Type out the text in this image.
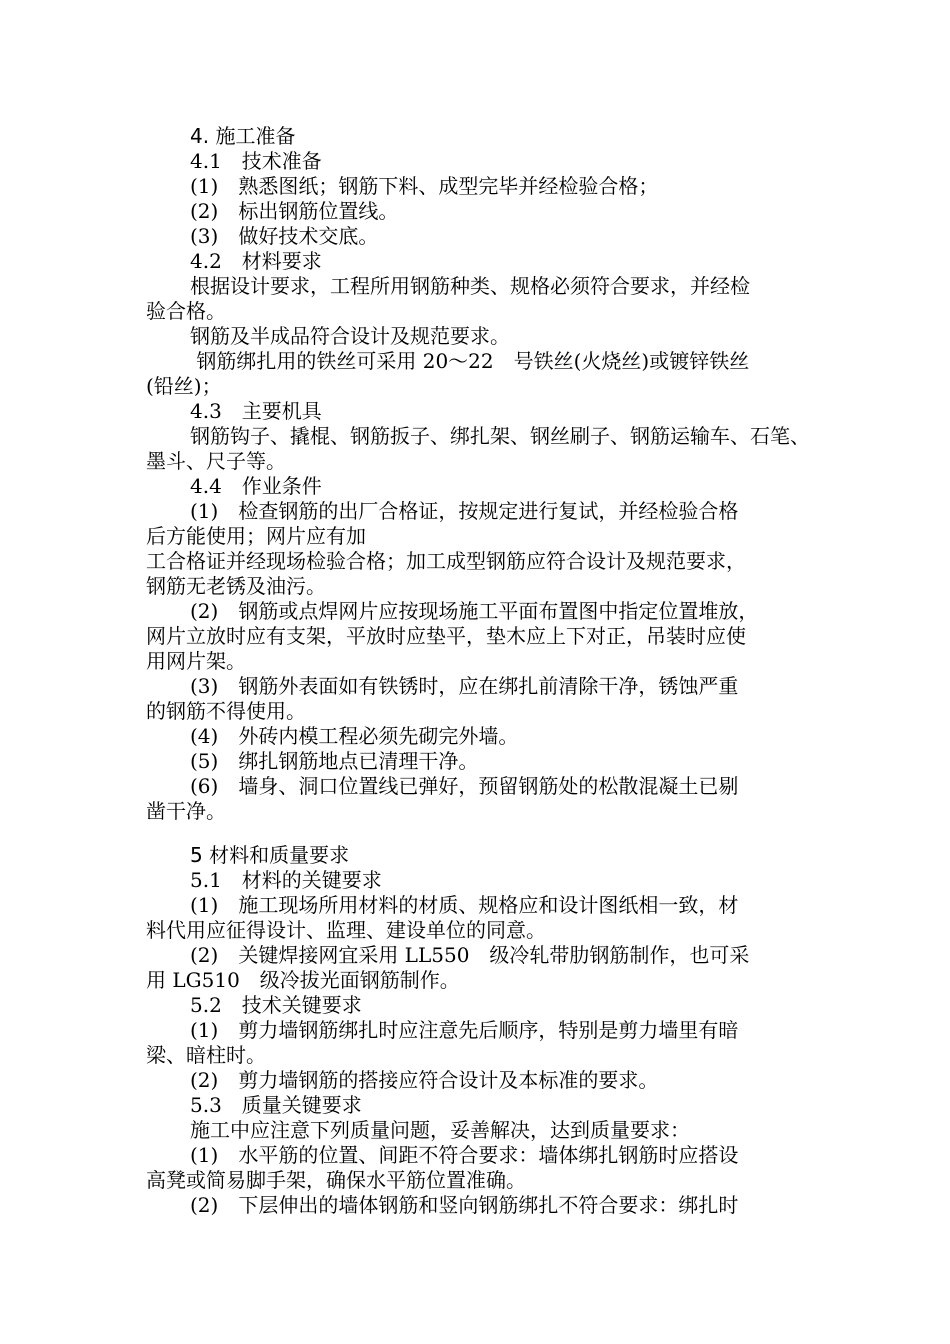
4. 施工准备
4.1　技术准备
(1)　熟悉图纸；钢筋下料、成型完毕并经检验合格；
(2)　标出钢筋位置线。
(3)　做好技术交底。
4.2　材料要求
根据设计要求，工程所用钢筋种类、规格必须符合要求，并经检
验合格。
钢筋及半成品符合设计及规范要求。
钢筋绑扎用的铁丝可采用 20～22　号铁丝(火烧丝)或镀锌铁丝
(铅丝)；
4.3　主要机具
钢筋钩子、撬棍、钢筋扳子、绑扎架、钢丝刷子、钢筋运输车、石笔、
墨斗、尺子等。
4.4　作业条件
(1)　检查钢筋的出厂合格证，按规定进行复试，并经检验合格
后方能使用；网片应有加
工合格证并经现场检验合格；加工成型钢筋应符合设计及规范要求，
钢筋无老锈及油污。
(2)　钢筋或点焊网片应按现场施工平面布置图中指定位置堆放，
网片立放时应有支架，平放时应垫平，垫木应上下对正，吊装时应使
用网片架。
(3)　钢筋外表面如有铁锈时，应在绑扎前清除干净，锈蚀严重
的钢筋不得使用。
(4)　外砖内模工程必须先砌完外墙。
(5)　绑扎钢筋地点已清理干净。
(6)　墙身、洞口位置线已弹好，预留钢筋处的松散混凝土已剔
凿干净。
5 材料和质量要求
5.1　材料的关键要求
(1)　施工现场所用材料的材质、规格应和设计图纸相一致，材
料代用应征得设计、监理、建设单位的同意。
(2)　关键焊接网宜采用 LL550　级冷轧带肋钢筋制作，也可采
用 LG510　级冷拔光面钢筋制作。
5.2　技术关键要求
(1)　剪力墙钢筋绑扎时应注意先后顺序，特别是剪力墙里有暗
梁、暗柱时。
(2)　剪力墙钢筋的搭接应符合设计及本标准的要求。
5.3　质量关键要求
施工中应注意下列质量问题，妥善解决，达到质量要求：
(1)　水平筋的位置、间距不符合要求：墙体绑扎钢筋时应搭设
高凳或简易脚手架，确保水平筋位置准确。
(2)　下层伸出的墙体钢筋和竖向钢筋绑扎不符合要求：绑扎时
